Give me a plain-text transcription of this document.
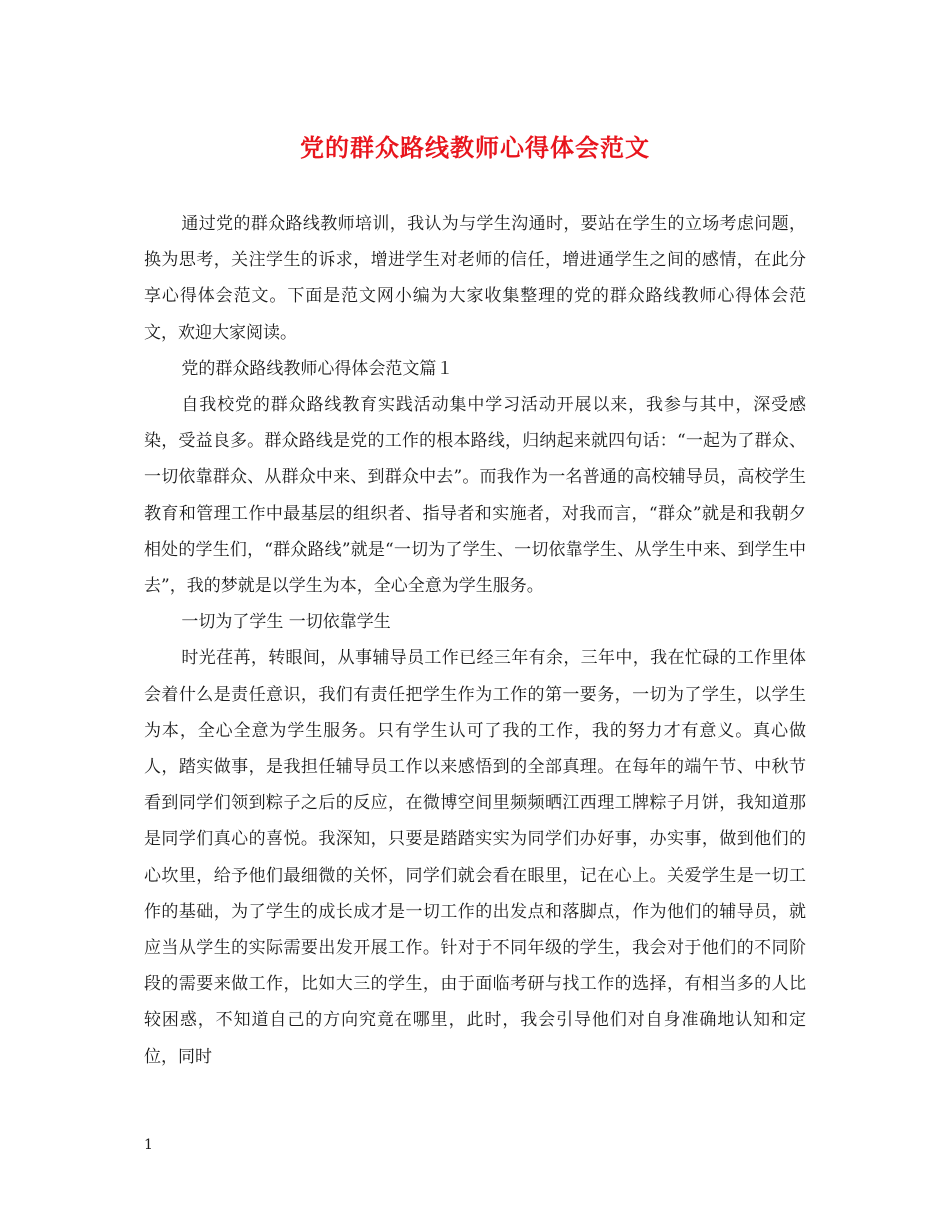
党的群众路线教师心得体会范文

通过党的群众路线教师培训，我认为与学生沟通时，要站在学生的立场考虑问题，换为思考，关注学生的诉求，增进学生对老师的信任，增进通学生之间的感情，在此分享心得体会范文。下面是范文网小编为大家收集整理的党的群众路线教师心得体会范文，欢迎大家阅读。

党的群众路线教师心得体会范文篇１

自我校党的群众路线教育实践活动集中学习活动开展以来，我参与其中，深受感染，受益良多。群众路线是党的工作的根本路线，归纳起来就四句话：“一起为了群众、一切依靠群众、从群众中来、到群众中去”。而我作为一名普通的高校辅导员，高校学生教育和管理工作中最基层的组织者、指导者和实施者，对我而言，“群众”就是和我朝夕相处的学生们，“群众路线”就是“一切为了学生、一切依靠学生、从学生中来、到学生中去”，我的梦就是以学生为本，全心全意为学生服务。

一切为了学生 一切依靠学生

时光荏苒，转眼间，从事辅导员工作已经三年有余，三年中，我在忙碌的工作里体会着什么是责任意识，我们有责任把学生作为工作的第一要务，一切为了学生，以学生为本，全心全意为学生服务。只有学生认可了我的工作，我的努力才有意义。真心做人，踏实做事，是我担任辅导员工作以来感悟到的全部真理。在每年的端午节、中秋节看到同学们领到粽子之后的反应，在微博空间里频频晒江西理工牌粽子月饼，我知道那是同学们真心的喜悦。我深知，只要是踏踏实实为同学们办好事，办实事，做到他们的心坎里，给予他们最细微的关怀，同学们就会看在眼里，记在心上。关爱学生是一切工作的基础，为了学生的成长成才是一切工作的出发点和落脚点，作为他们的辅导员，就应当从学生的实际需要出发开展工作。针对于不同年级的学生，我会对于他们的不同阶段的需要来做工作，比如大三的学生，由于面临考研与找工作的选择，有相当多的人比较困惑，不知道自己的方向究竟在哪里，此时，我会引导他们对自身准确地认知和定位，同时

1
